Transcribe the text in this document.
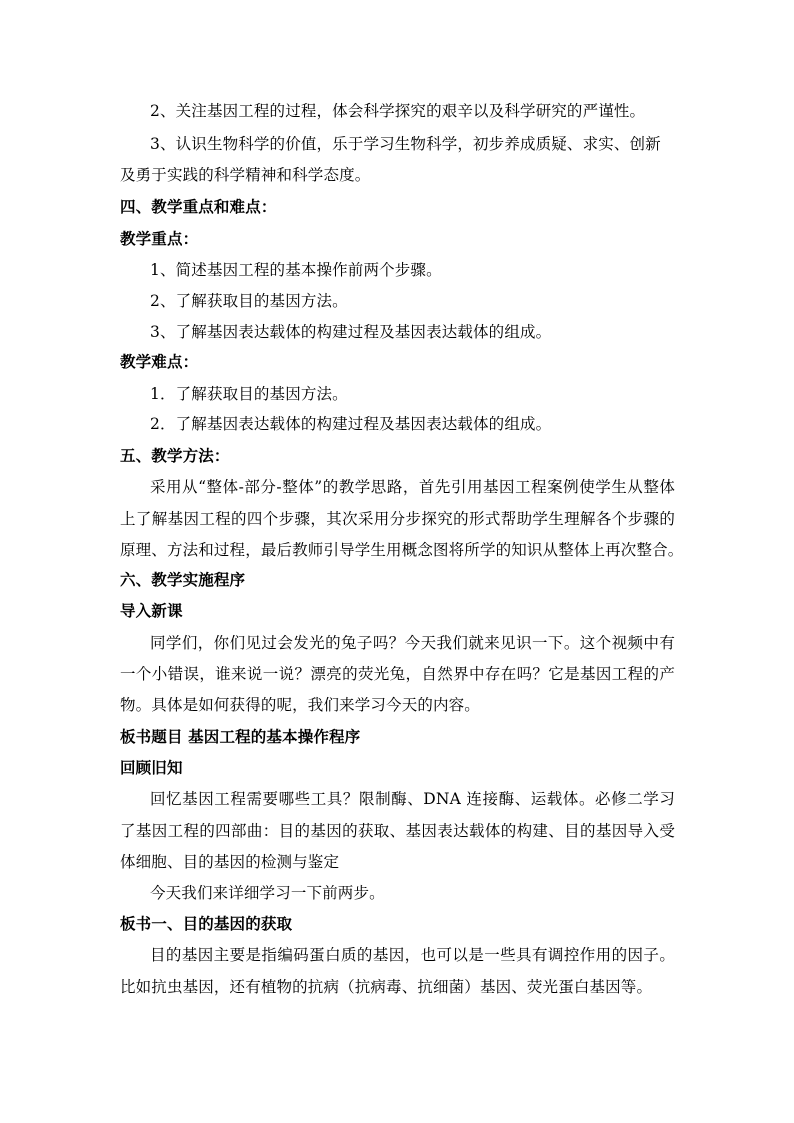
2、关注基因工程的过程，体会科学探究的艰辛以及科学研究的严谨性。
3、认识生物科学的价值，乐于学习生物科学，初步养成质疑、求实、创新
及勇于实践的科学精神和科学态度。
四、教学重点和难点：
教学重点：
1、简述基因工程的基本操作前两个步骤。
2、了解获取目的基因方法。
3、了解基因表达载体的构建过程及基因表达载体的组成。
教学难点：
1．了解获取目的基因方法。
2．了解基因表达载体的构建过程及基因表达载体的组成。
五、教学方法：
采用从“整体-部分-整体”的教学思路，首先引用基因工程案例使学生从整体
上了解基因工程的四个步骤，其次采用分步探究的形式帮助学生理解各个步骤的
原理、方法和过程，最后教师引导学生用概念图将所学的知识从整体上再次整合。
六、教学实施程序
导入新课
同学们，你们见过会发光的兔子吗？今天我们就来见识一下。这个视频中有
一个小错误，谁来说一说？漂亮的荧光兔，自然界中存在吗？它是基因工程的产
物。具体是如何获得的呢，我们来学习今天的内容。
板书题目 基因工程的基本操作程序
回顾旧知
回忆基因工程需要哪些工具？限制酶、DNA 连接酶、运载体。必修二学习
了基因工程的四部曲：目的基因的获取、基因表达载体的构建、目的基因导入受
体细胞、目的基因的检测与鉴定
今天我们来详细学习一下前两步。
板书一、目的基因的获取
目的基因主要是指编码蛋白质的基因，也可以是一些具有调控作用的因子。
比如抗虫基因，还有植物的抗病（抗病毒、抗细菌）基因、荧光蛋白基因等。
